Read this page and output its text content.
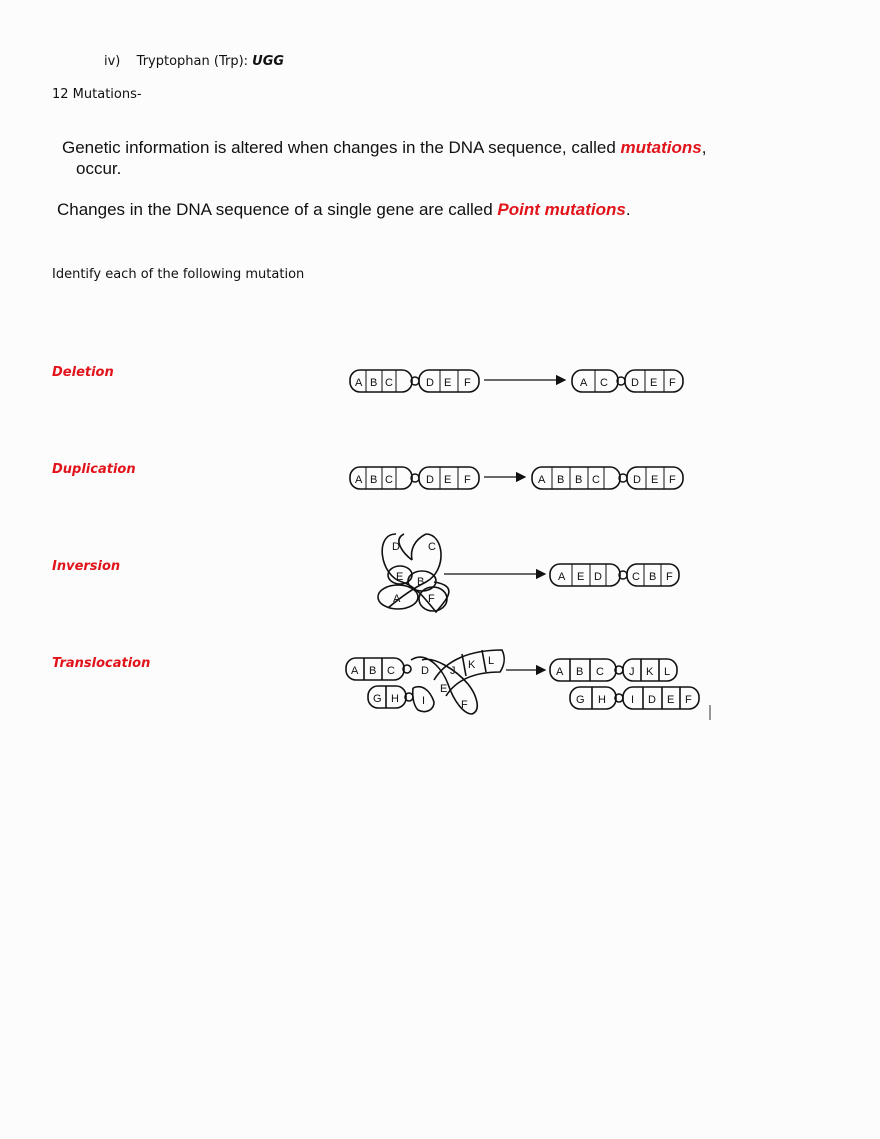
iv) Tryptophan (Trp): UGG
12 Mutations-
Genetic information is altered when changes in the DNA sequence, called mutations,
occur.
Changes in the DNA sequence of a single gene are called Point mutations.
Identify each of the following mutation
Deletion
Duplication
Inversion
Translocation
A B C	D E F	A C D E F
A B C	D E F	A B B C	D E F
D	C
E B
A	F
A E D	C B F
A B C D J K L
G H I
E
F
A B C J K L
G H I D E F
